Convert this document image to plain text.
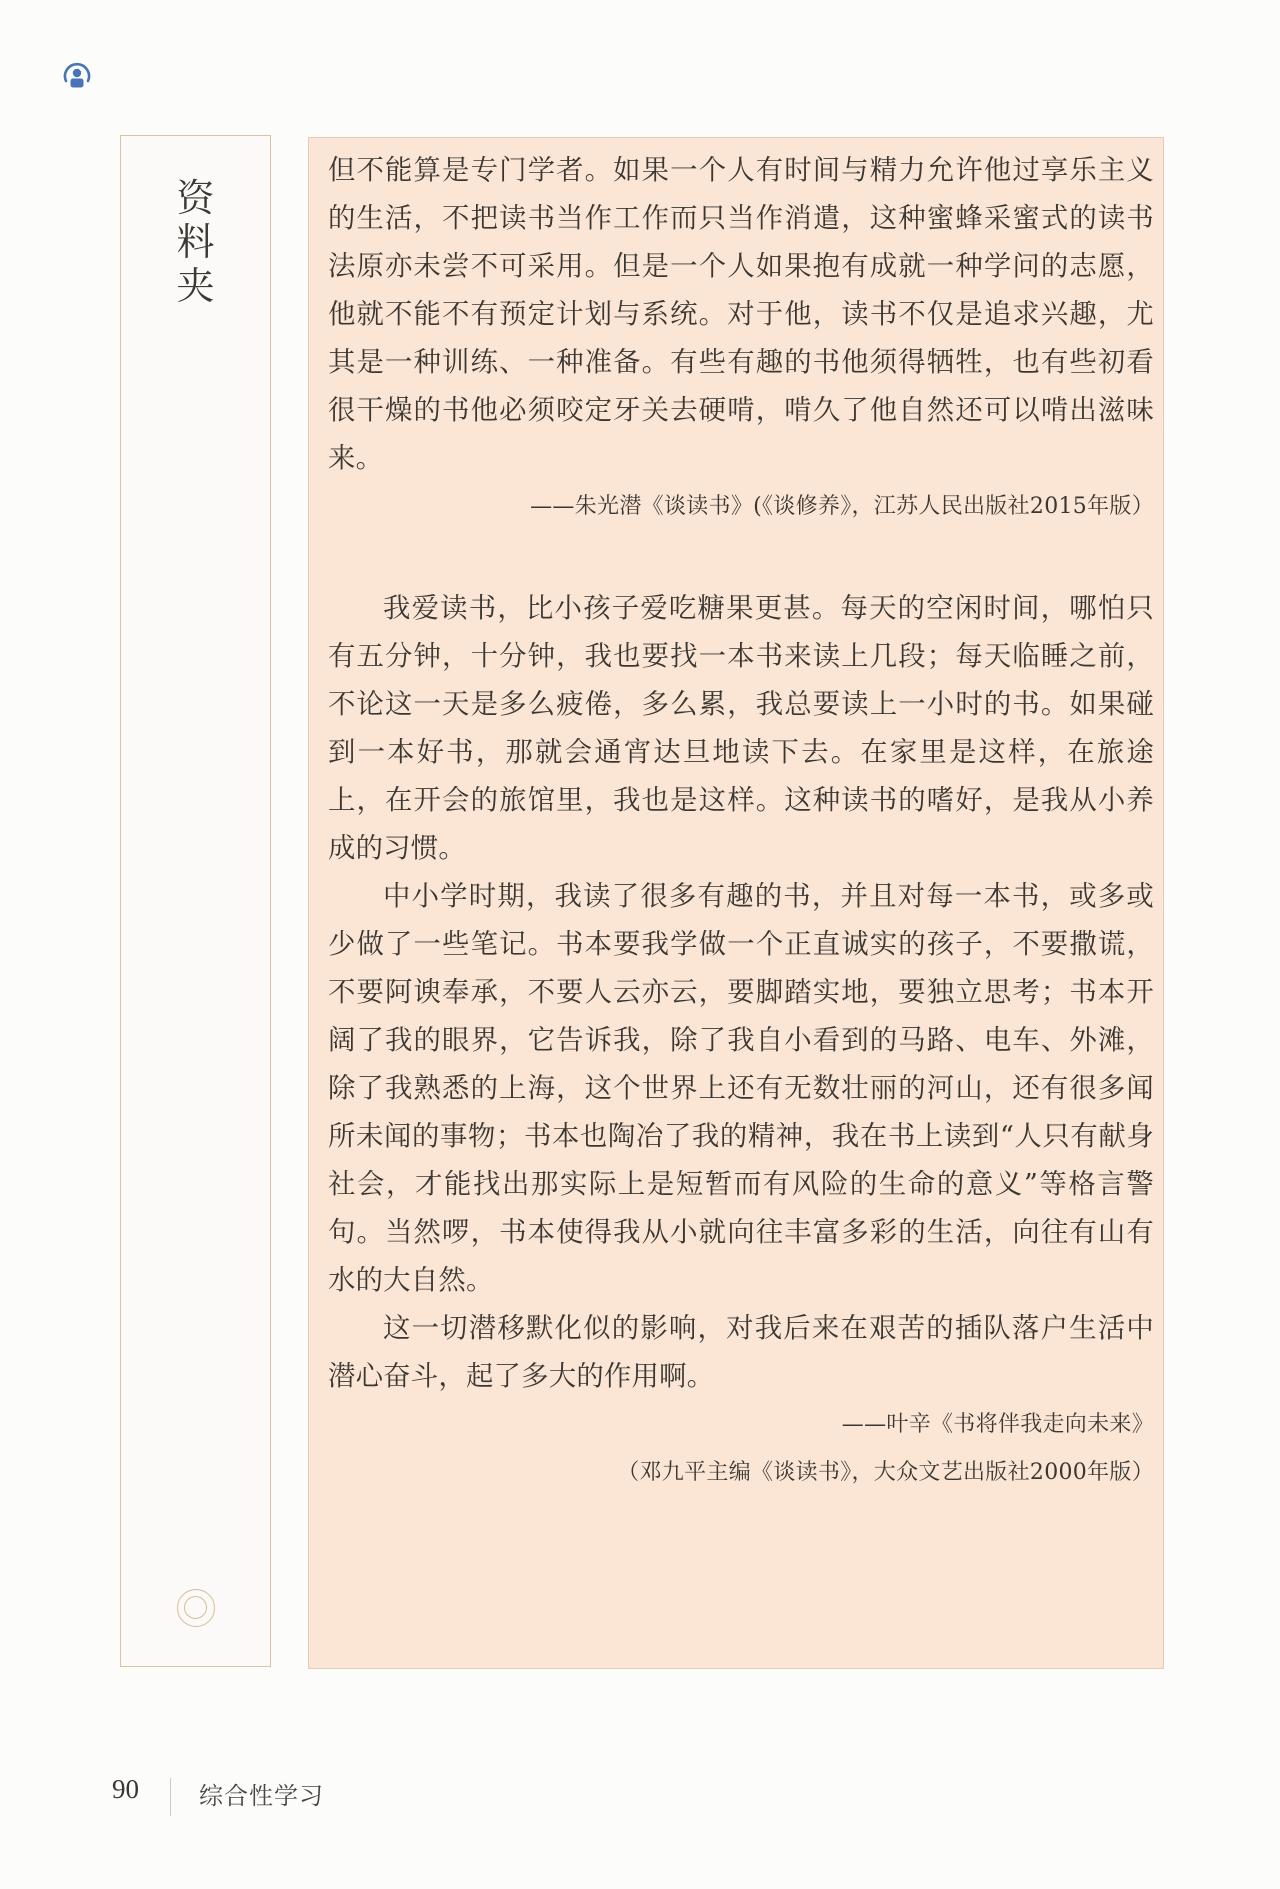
资
料
夹

但不能算是专门学者。如果一个人有时间与精力允许他过享乐主义的生活，不把读书当作工作而只当作消遣，这种蜜蜂采蜜式的读书法原亦未尝不可采用。但是一个人如果抱有成就一种学问的志愿，他就不能不有预定计划与系统。对于他，读书不仅是追求兴趣，尤其是一种训练、一种准备。有些有趣的书他须得牺牲，也有些初看很干燥的书他必须咬定牙关去硬啃，啃久了他自然还可以啃出滋味来。

——朱光潜《谈读书》(《谈修养》，江苏人民出版社2015年版）

我爱读书，比小孩子爱吃糖果更甚。每天的空闲时间，哪怕只有五分钟，十分钟，我也要找一本书来读上几段；每天临睡之前，不论这一天是多么疲倦，多么累，我总要读上一小时的书。如果碰到一本好书，那就会通宵达旦地读下去。在家里是这样，在旅途上，在开会的旅馆里，我也是这样。这种读书的嗜好，是我从小养成的习惯。

中小学时期，我读了很多有趣的书，并且对每一本书，或多或少做了一些笔记。书本要我学做一个正直诚实的孩子，不要撒谎，不要阿谀奉承，不要人云亦云，要脚踏实地，要独立思考；书本开阔了我的眼界，它告诉我，除了我自小看到的马路、电车、外滩，除了我熟悉的上海，这个世界上还有无数壮丽的河山，还有很多闻所未闻的事物；书本也陶冶了我的精神，我在书上读到“人只有献身社会，才能找出那实际上是短暂而有风险的生命的意义”等格言警句。当然啰，书本使得我从小就向往丰富多彩的生活，向往有山有水的大自然。

这一切潜移默化似的影响，对我后来在艰苦的插队落户生活中潜心奋斗，起了多大的作用啊。

——叶辛《书将伴我走向未来》

（邓九平主编《谈读书》，大众文艺出版社2000年版）

90	综合性学习
